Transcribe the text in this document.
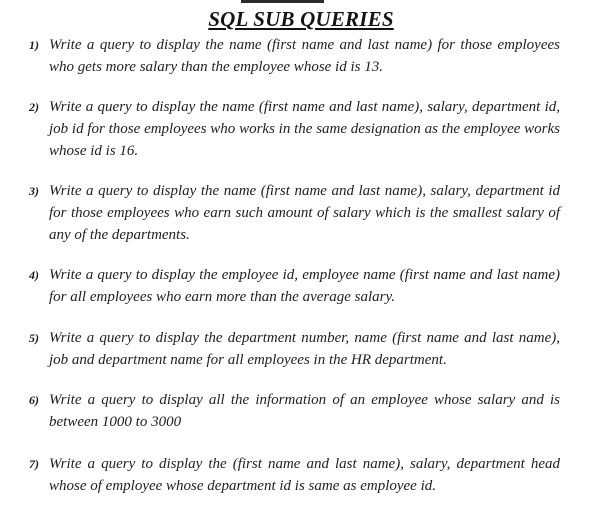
SQL SUB QUERIES
1) Write a query to display the name (first name and last name) for those employees who gets more salary than the employee whose id is 13.
2) Write a query to display the name (first name and last name), salary, department id, job id for those employees who works in the same designation as the employee works whose id is 16.
3) Write a query to display the name (first name and last name), salary, department id for those employees who earn such amount of salary which is the smallest salary of any of the departments.
4) Write a query to display the employee id, employee name (first name and last name) for all employees who earn more than the average salary.
5) Write a query to display the department number, name (first name and last name), job and department name for all employees in the HR department.
6) Write a query to display all the information of an employee whose salary and is between 1000 to 3000
7) Write a query to display the (first name and last name), salary, department head whose of employee whose department id is same as employee id.
